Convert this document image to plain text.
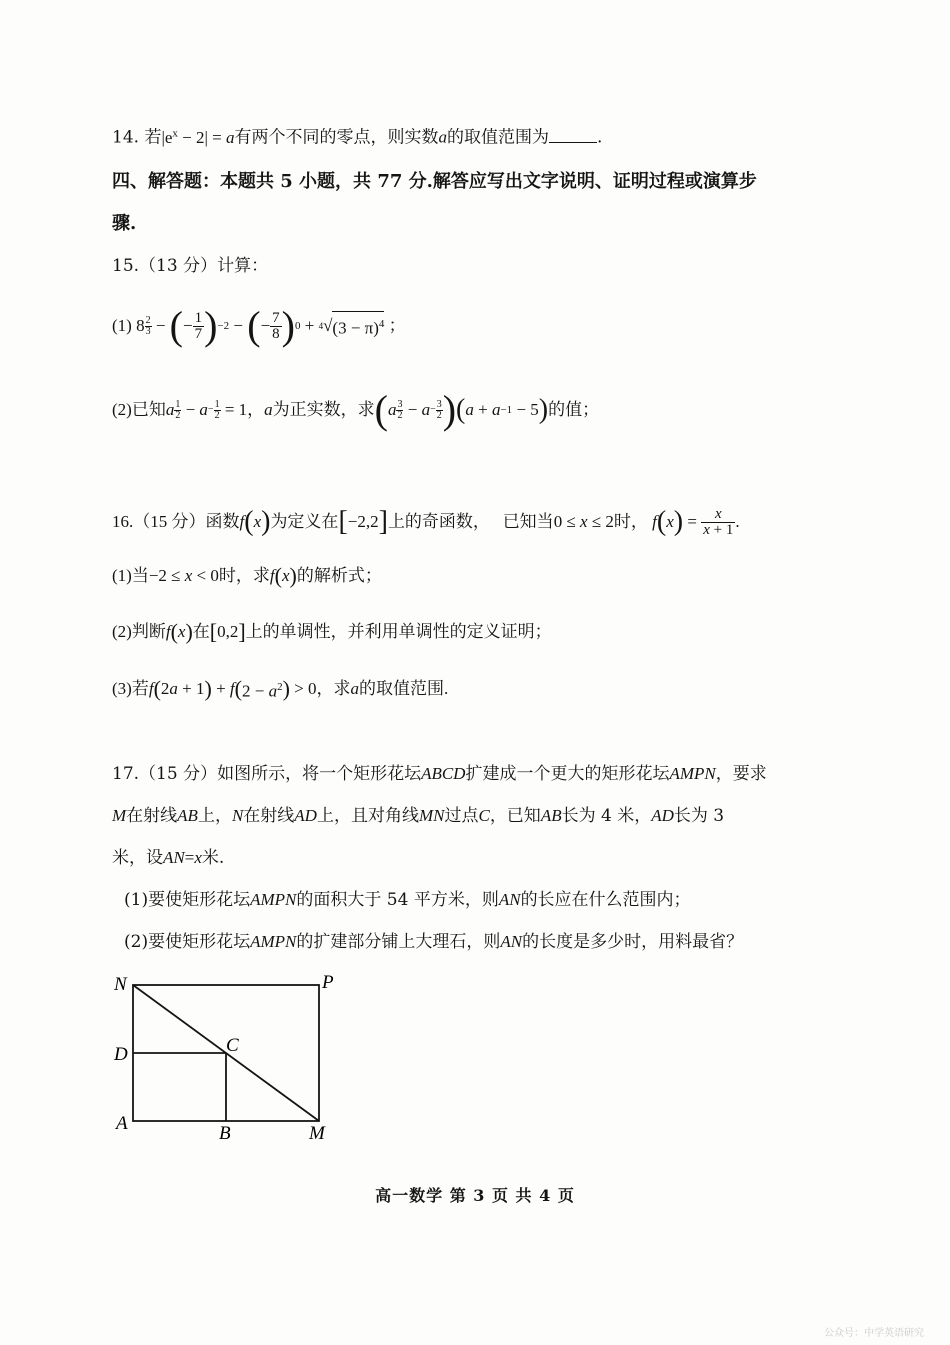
14. 若$|e^x - 2| = a$有两个不同的零点，则实数a的取值范围为	.
四、解答题：本题共 5 小题，共 77 分.解答应写出文字说明、证明过程或演算步
骤.
15.（13 分）计算：
(1)
8 2
3 − ( − $\frac{1}{7}$ ) −2 − ( − $\frac{7}{8}$ ) 0 + 4 √ $(3 - \pi)^4$ ；
(2)已知 a 1
$2 - a - \frac{1}{2} = 1$ ， a 为正实数，求 ( a 3
$2 - a - \frac{3}{2}$ ) ( a + a −1 − 5 ) 的值；
16.（15 分）函数 f ( x ) 为定义在 [ −2,2 ] 上的奇函数，
已知当 0 ≤ x ≤ 2 时，
f ( x ) = $\frac{x}{x + 1}$ .
(1)当 −2 ≤ x < 0 时，求 f ( x ) 的解析式；
(2)判断 f ( x ) 在 [ 0,2 ] 上的单调性，并利用单调性的定义证明；
(3)若 f ( 2a + 1 ) + f ( $2 - a^2$ ) > 0 ，求 a 的取值范围.
17.（15 分）如图所示，将一个矩形花坛ABCD扩建成一个更大的矩形花坛AMPN，要求
M在射线AB上，N在射线AD上，且对角线MN过点C，已知AB长为 4 米，AD长为 3
米，设AN=x米.
(1)要使矩形花坛AMPN的面积大于 54 平方米，则AN的长应在什么范围内；
(2)要使矩形花坛AMPN的扩建部分铺上大理石，则AN的长度是多少时，用料最省？
N	P
D	C
A	B	M
高一数学 第 3 页 共 4 页
公众号：中学英语研究
